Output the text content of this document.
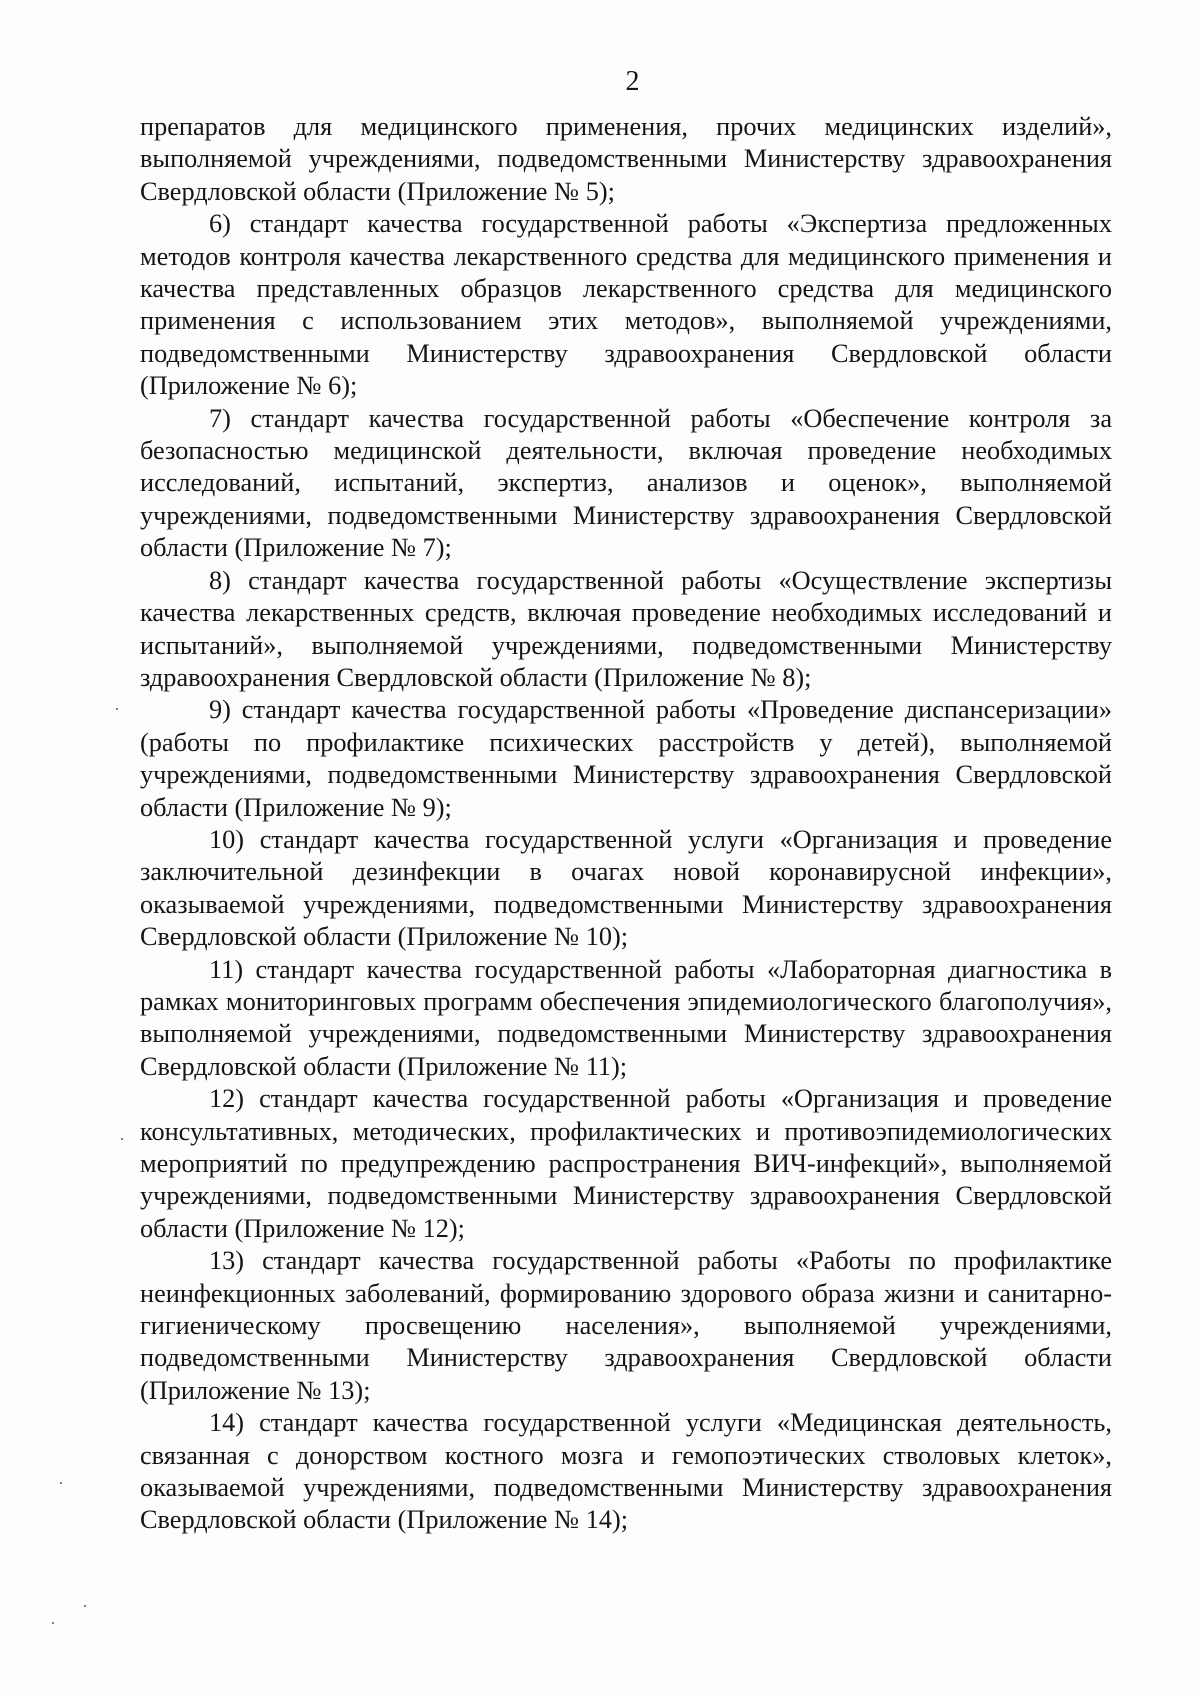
2

препаратов для медицинского применения, прочих медицинских изделий», выполняемой учреждениями, подведомственными Министерству здравоохранения Свердловской области (Приложение № 5);

6) стандарт качества государственной работы «Экспертиза предложенных методов контроля качества лекарственного средства для медицинского применения и качества представленных образцов лекарственного средства для медицинского применения с использованием этих методов», выполняемой учреждениями, подведомственными Министерству здравоохранения Свердловской области (Приложение № 6);

7) стандарт качества государственной работы «Обеспечение контроля за безопасностью медицинской деятельности, включая проведение необходимых исследований, испытаний, экспертиз, анализов и оценок», выполняемой учреждениями, подведомственными Министерству здравоохранения Свердловской области (Приложение № 7);

8) стандарт качества государственной работы «Осуществление экспертизы качества лекарственных средств, включая проведение необходимых исследований и испытаний», выполняемой учреждениями, подведомственными Министерству здравоохранения Свердловской области (Приложение № 8);

9) стандарт качества государственной работы «Проведение диспансеризации» (работы по профилактике психических расстройств у детей), выполняемой учреждениями, подведомственными Министерству здравоохранения Свердловской области (Приложение № 9);

10) стандарт качества государственной услуги «Организация и проведение заключительной дезинфекции в очагах новой коронавирусной инфекции», оказываемой учреждениями, подведомственными Министерству здравоохранения Свердловской области (Приложение № 10);

11) стандарт качества государственной работы «Лабораторная диагностика в рамках мониторинговых программ обеспечения эпидемиологического благополучия», выполняемой учреждениями, подведомственными Министерству здравоохранения Свердловской области (Приложение № 11);

12) стандарт качества государственной работы «Организация и проведение консультативных, методических, профилактических и противоэпидемиологических мероприятий по предупреждению распространения ВИЧ-инфекций», выполняемой учреждениями, подведомственными Министерству здравоохранения Свердловской области (Приложение № 12);

13) стандарт качества государственной работы «Работы по профилактике неинфекционных заболеваний, формированию здорового образа жизни и санитарно-гигиеническому просвещению населения», выполняемой учреждениями, подведомственными Министерству здравоохранения Свердловской области (Приложение № 13);

14) стандарт качества государственной услуги «Медицинская деятельность, связанная с донорством костного мозга и гемопоэтических стволовых клеток», оказываемой учреждениями, подведомственными Министерству здравоохранения Свердловской области (Приложение № 14);
